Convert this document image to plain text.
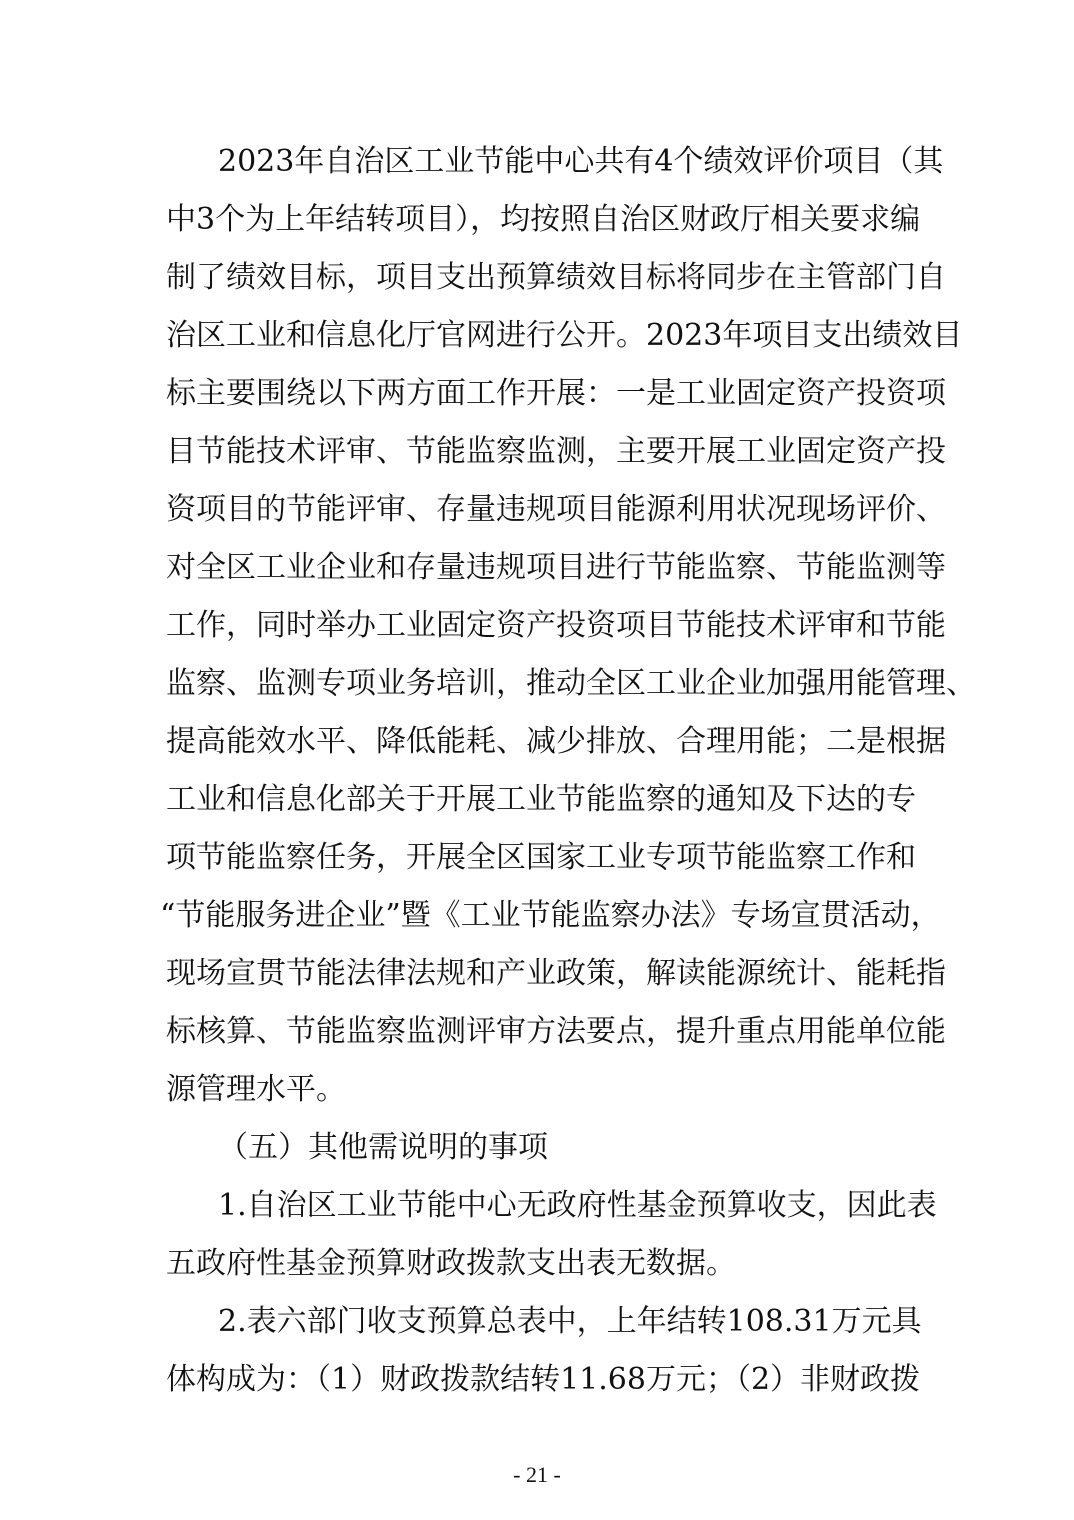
2023年自治区工业节能中心共有4个绩效评价项目（其
中3个为上年结转项目），均按照自治区财政厅相关要求编
制了绩效目标，项目支出预算绩效目标将同步在主管部门自
治区工业和信息化厅官网进行公开。2023年项目支出绩效目
标主要围绕以下两方面工作开展：一是工业固定资产投资项
目节能技术评审、节能监察监测，主要开展工业固定资产投
资项目的节能评审、存量违规项目能源利用状况现场评价、
对全区工业企业和存量违规项目进行节能监察、节能监测等
工作，同时举办工业固定资产投资项目节能技术评审和节能
监察、监测专项业务培训，推动全区工业企业加强用能管理、
提高能效水平、降低能耗、减少排放、合理用能；二是根据
工业和信息化部关于开展工业节能监察的通知及下达的专
项节能监察任务，开展全区国家工业专项节能监察工作和
“节能服务进企业”暨《工业节能监察办法》专场宣贯活动，
现场宣贯节能法律法规和产业政策，解读能源统计、能耗指
标核算、节能监察监测评审方法要点，提升重点用能单位能
源管理水平。
（五）其他需说明的事项
1.自治区工业节能中心无政府性基金预算收支，因此表
五政府性基金预算财政拨款支出表无数据。
2.表六部门收支预算总表中，上年结转108.31万元具
体构成为：（1）财政拨款结转11.68万元；（2）非财政拨
- 21 -
